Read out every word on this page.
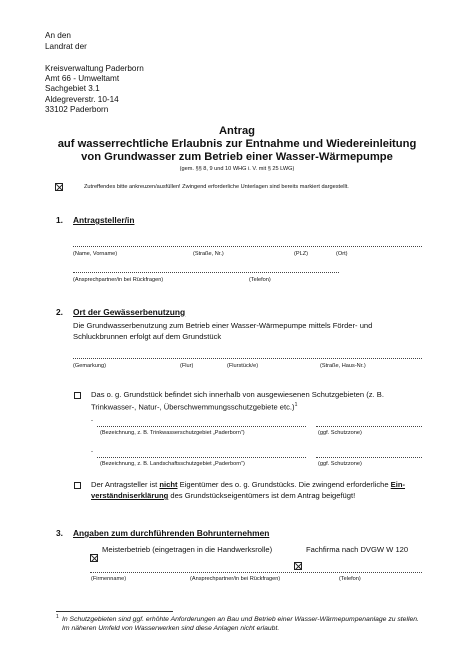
An den
Landrat der
Kreisverwaltung Paderborn
Amt 66 - Umweltamt
Sachgebiet 3.1
Aldegreverstr. 10-14
33102 Paderborn
Antrag
auf wasserrechtliche Erlaubnis zur Entnahme und Wiedereinleitung
von Grundwasser zum Betrieb einer Wasser-Wärmepumpe
(gem. §§ 8, 9 und 10 WHG i. V. mit § 25 LWG)
Zutreffendes bitte ankreuzen/ausfüllen! Zwingend erforderliche Unterlagen sind bereits markiert dargestellt.
1. Antragsteller/in
(Name, Vorname)	(Straße, Nr.)	(PLZ)	(Ort)
(Ansprechpartner/in bei Rückfragen)	(Telefon)
2. Ort der Gewässerbenutzung
Die Grundwasserbenutzung zum Betrieb einer Wasser-Wärmepumpe mittels Förder- und Schluckbrunnen erfolgt auf dem Grundstück
(Gemarkung)	(Flur)	(Flurstück/e)	(Straße, Haus-Nr.)
Das o. g. Grundstück befindet sich innerhalb von ausgewiesenen Schutzgebieten (z. B. Trinkwasser-, Natur-, Überschwemmungsschutzgebiete etc.)$^1$
-
(Bezeichnung, z. B. Trinkwasserschutzgebiet „Paderborn“)	(ggf. Schutzzone)
-
(Bezeichnung, z. B. Landschaftsschutzgebiet „Paderborn“)	(ggf. Schutzzone)
Der Antragsteller ist nicht Eigentümer des o. g. Grundstücks. Die zwingend erforderliche Ein-verständniserklärung des Grundstückseigentümers ist dem Antrag beigefügt!
3. Angaben zum durchführenden Bohrunternehmen
Meisterbetrieb (eingetragen in die Handwerksrolle)	Fachfirma nach DVGW W 120
(Firmenname)	(Ansprechpartner/in bei Rückfragen)	(Telefon)
1 In Schutzgebieten sind ggf. erhöhte Anforderungen an Bau und Betrieb einer Wasser-Wärmepumpenanlage zu stellen. Im näheren Umfeld von Wasserwerken sind diese Anlagen nicht erlaubt.
